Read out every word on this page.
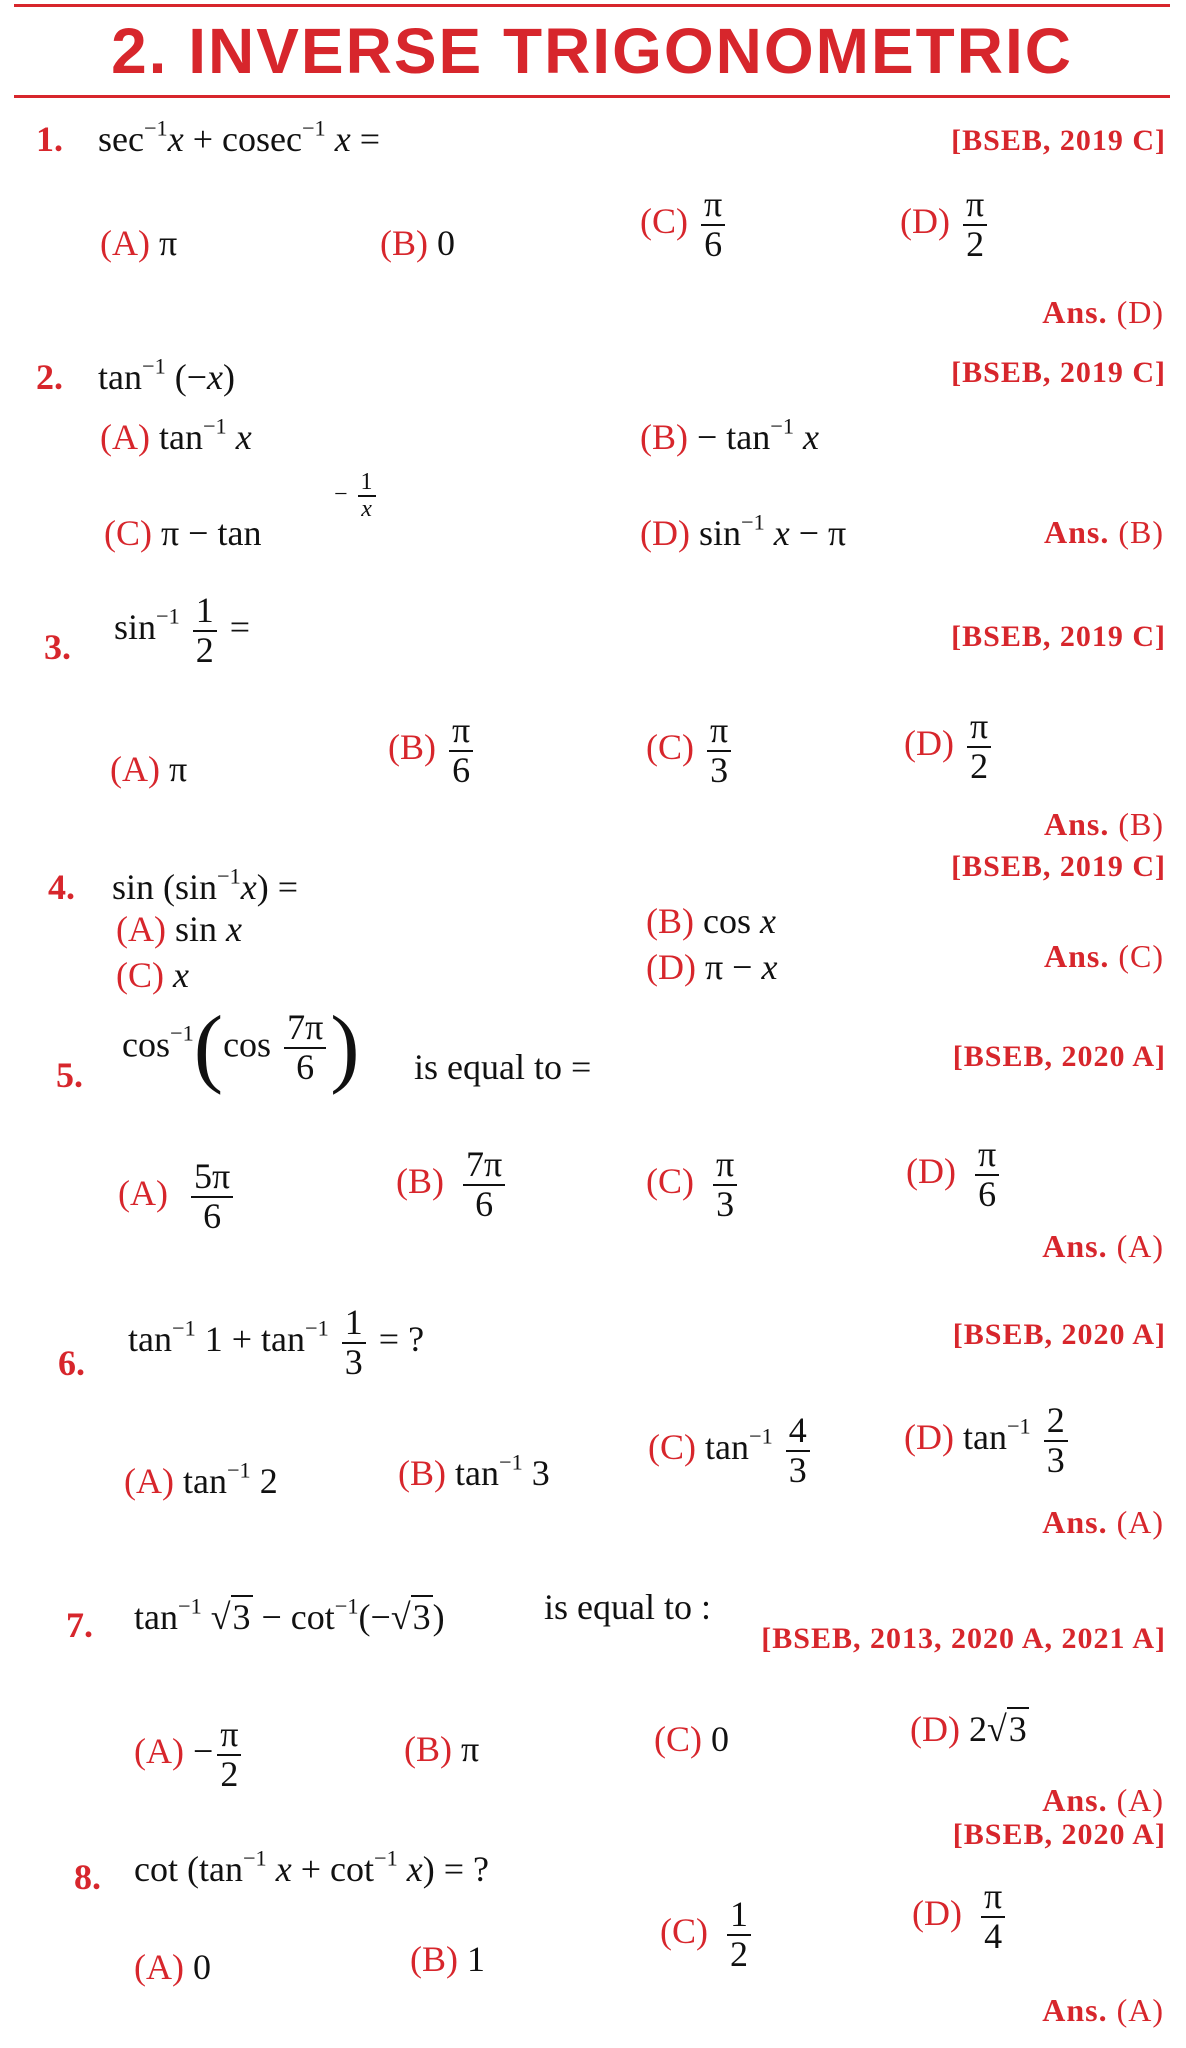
2. INVERSE TRIGONOMETRIC
1. $\sec^{-1}x + cosec^{-1}$ x =	[BSEB, 2019 C]
(A) π	(B) 0
$(C) \frac{\pi}{6}$	$(D) \frac{\pi}{2}$
Ans. (D)
2. $\tan^{-1} (-x)$	[BSEB, 2019 C]
(A) $\tan^{-1} x$	$(B) - \tan^{-1} x$
(C) π − tan
− $\frac{1}{x}$
(D) $\sin^{-1} x - \pi$	Ans. (B)
3. $\sin^{-1} \frac{1}{2}$ =	[BSEB, 2019 C]
(A) π
$(B) \frac{\pi}{6}$	$(C) \frac{\pi}{3}$	$(D) \frac{\pi}{2}$
Ans. (B)
4. $\sin (\sin^{-1}x)$ =
[BSEB, 2019 C]
(A) sin x	(B) cos x
(C) x	(D) π − x	Ans. (C)
5.
$\cos^{-1}(\cos \frac{7\pi}{6}$ ) is equal to =	[BSEB, 2020 A]
$(A) \frac{5\pi}{6}$	$(B) \frac{7\pi}{6}$	$(C) \frac{\pi}{3}$	$(D) \frac{\pi}{6}$
Ans. (A)
6.
$\tan^{-1} 1 + \tan^{-1} \frac{1}{3}$ = ?	[BSEB, 2020 A]
(A) $\tan^{-1} 2$	(B) $\tan^{-1} 3$
(C) $\tan^{-1} \frac{4}{3}$	(D) $\tan^{-1} \frac{2}{3}$
Ans. (A)
7. $\tan^{-1} √3 - \cot^{-1}(-√3)$	is equal to :
[BSEB, 2013, 2020 A, 2021 A]
$(A) - \frac{\pi}{2}$	(B) π	(C) 0	(D) 2√3
Ans. (A)
8. $\cot (\tan^{-1}$ $x + \cot^{-1} x$) = ?
[BSEB, 2020 A]
(A) 0	(B) 1
$(C) \frac{1}{2}$	$(D) \frac{\pi}{4}$
Ans. (A)
